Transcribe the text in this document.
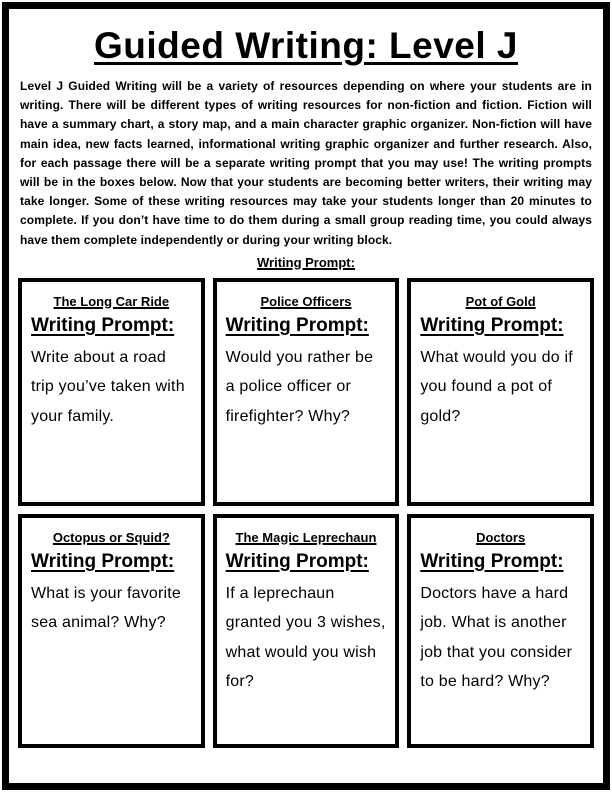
Guided Writing: Level J

Level J Guided Writing will be a variety of resources depending on where your students are in writing. There will be different types of writing resources for non-fiction and fiction. Fiction will have a summary chart, a story map, and a main character graphic organizer. Non-fiction will have main idea, new facts learned, informational writing graphic organizer and further research. Also, for each passage there will be a separate writing prompt that you may use! The writing prompts will be in the boxes below. Now that your students are becoming better writers, their writing may take longer. Some of these writing resources may take your students longer than 20 minutes to complete. If you don’t have time to do them during a small group reading time, you could always have them complete independently or during your writing block.

Writing Prompt:
The Long Car Ride
Writing Prompt:
Write about a road trip you’ve taken with your family.
Police Officers
Writing Prompt:
Would you rather be a police officer or firefighter? Why?
Pot of Gold
Writing Prompt:
What would you do if you found a pot of gold?
Octopus or Squid?
Writing Prompt:
What is your favorite sea animal? Why?
The Magic Leprechaun
Writing Prompt:
If a leprechaun granted you 3 wishes, what would you wish for?
Doctors
Writing Prompt:
Doctors have a hard job. What is another job that you consider to be hard? Why?
